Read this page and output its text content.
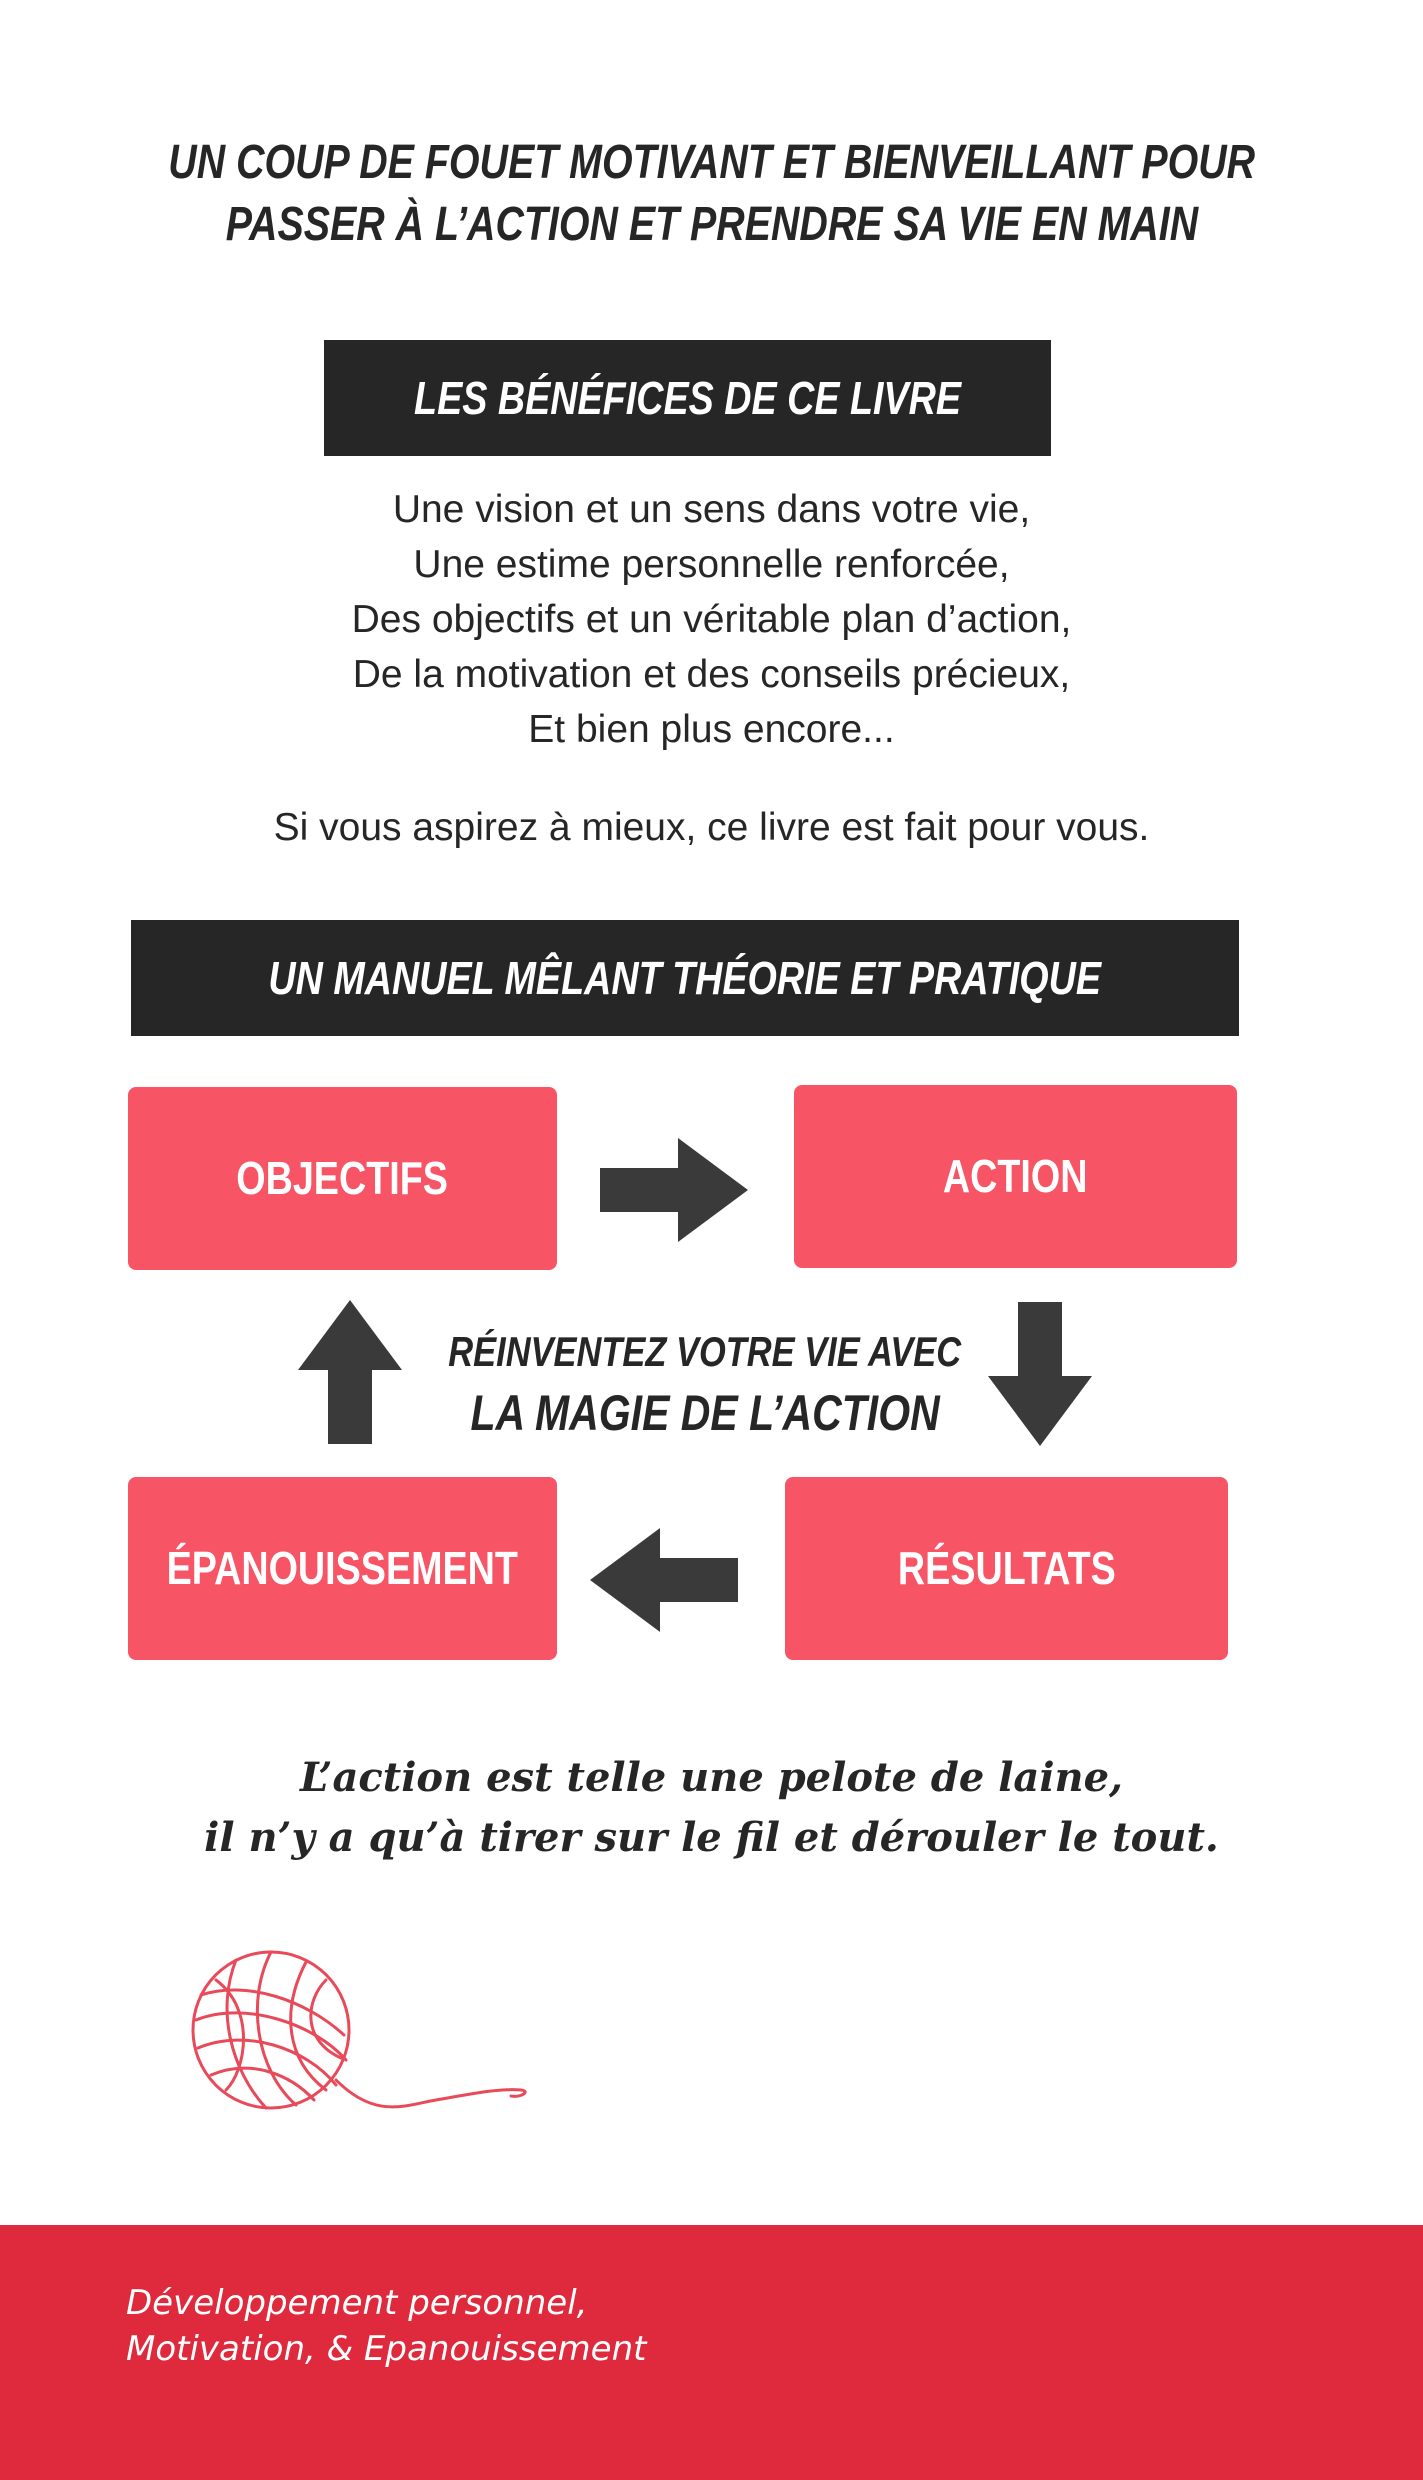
UN COUP DE FOUET MOTIVANT ET BIENVEILLANT POUR
PASSER À L’ACTION ET PRENDRE SA VIE EN MAIN
LES BÉNÉFICES DE CE LIVRE
Une vision et un sens dans votre vie,
Une estime personnelle renforcée,
Des objectifs et un véritable plan d’action,
De la motivation et des conseils précieux,
Et bien plus encore...
Si vous aspirez à mieux, ce livre est fait pour vous.
UN MANUEL MÊLANT THÉORIE ET PRATIQUE
OBJECTIFS	ACTION
ÉPANOUISSEMENT	RÉSULTATS
RÉINVENTEZ VOTRE VIE AVEC
LA MAGIE DE L’ACTION
L’action est telle une pelote de laine,
il n’y a qu’à tirer sur le fil et dérouler le tout.
Développement personnel,
Motivation, & Epanouissement
